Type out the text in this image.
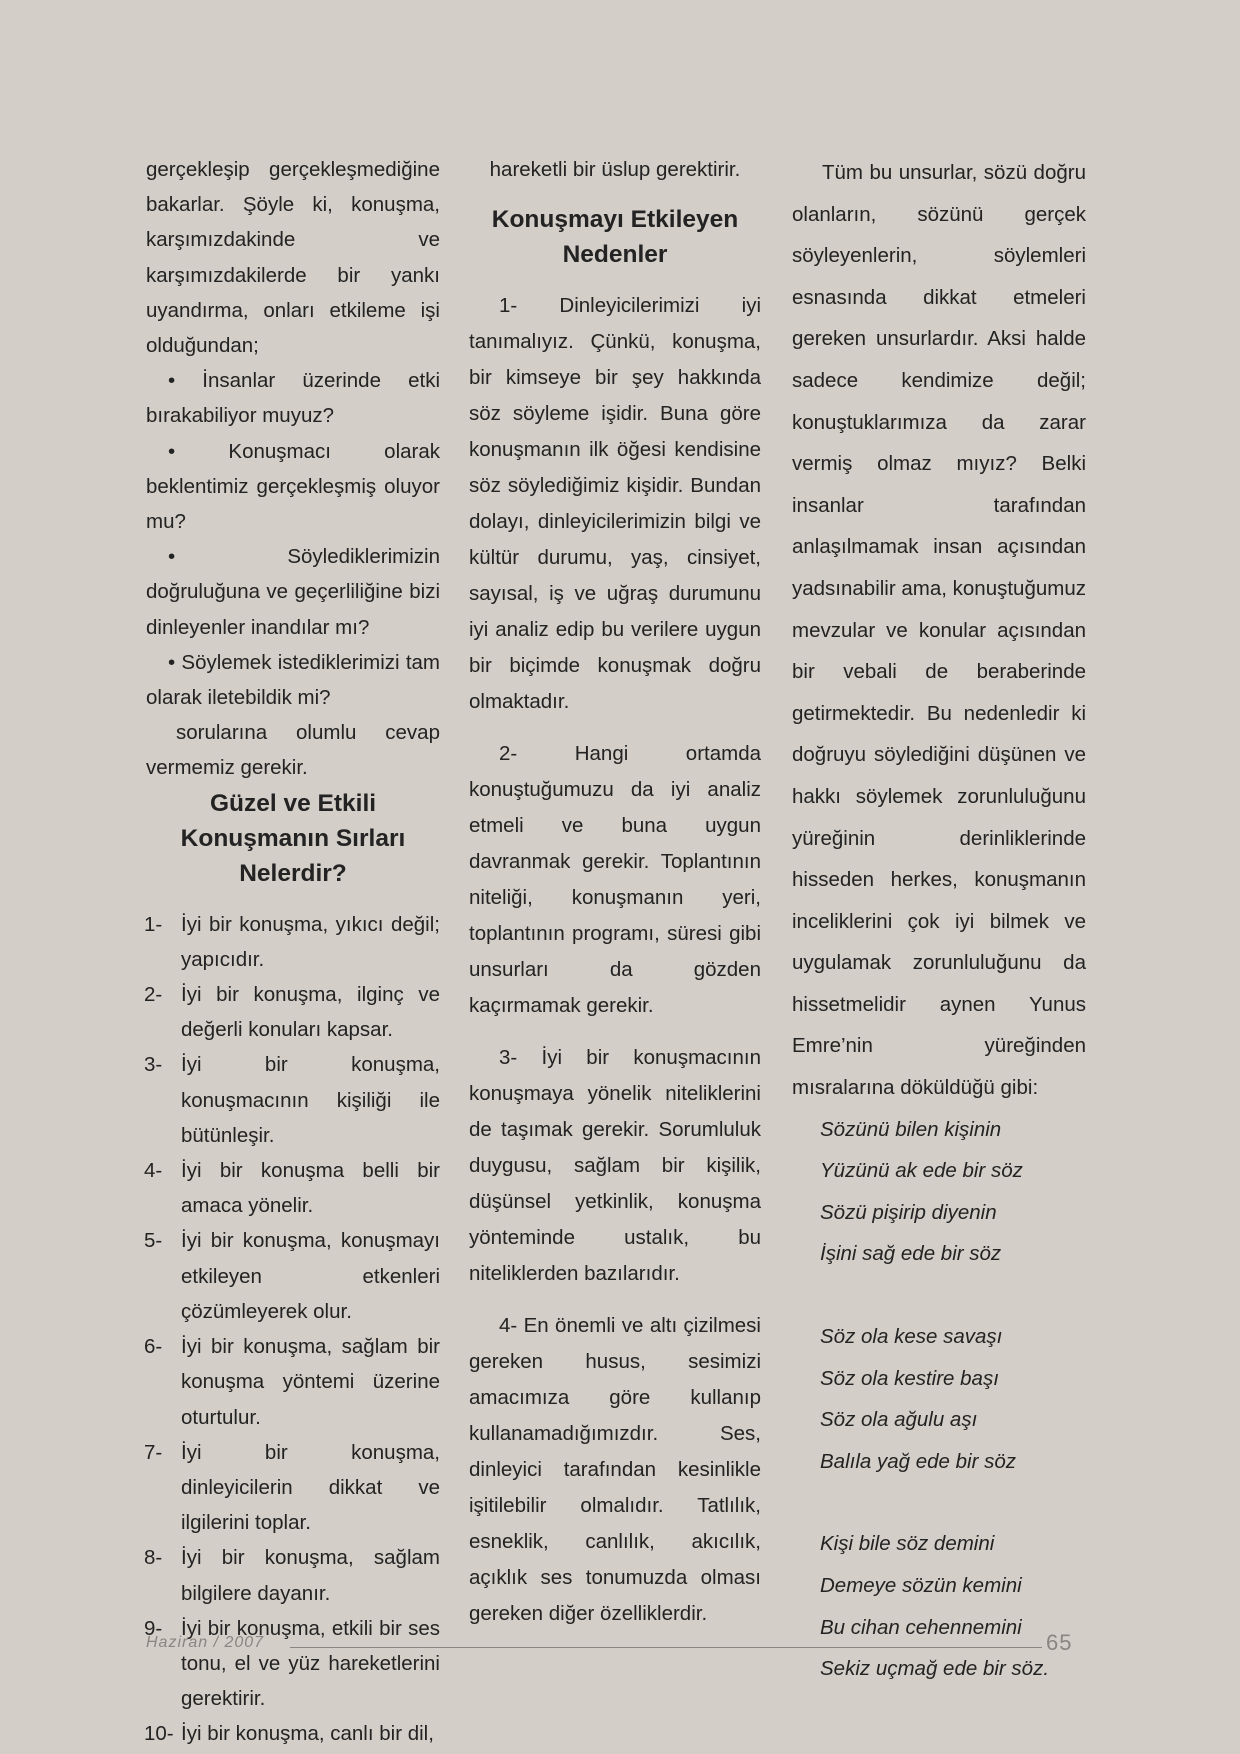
gerçekleşip gerçekleşmediğine bakarlar. Şöyle ki, konuşma, karşımızdakinde ve karşımızdakilerde bir yankı uyandırma, onları etkileme işi olduğundan;

• İnsanlar üzerinde etki bırakabiliyor muyuz?

• Konuşmacı olarak beklentimiz gerçekleşmiş oluyor mu?

• Söylediklerimizin doğruluğuna ve geçerliliğine bizi dinleyenler inandılar mı?

• Söylemek istediklerimizi tam olarak iletebildik mi?

sorularına olumlu cevap vermemiz gerekir.

Güzel ve Etkili Konuşmanın Sırları Nelerdir?
1- İyi bir konuşma, yıkıcı değil; yapıcıdır.
2- İyi bir konuşma, ilginç ve değerli konuları kapsar.
3- İyi bir konuşma, konuşmacının kişiliği ile bütünleşir.
4- İyi bir konuşma belli bir amaca yönelir.
5- İyi bir konuşma, konuşmayı etkileyen etkenleri çözümleyerek olur.
6- İyi bir konuşma, sağlam bir konuşma yöntemi üzerine oturtulur.
7- İyi bir konuşma, dinleyicilerin dikkat ve ilgilerini toplar.
8- İyi bir konuşma, sağlam bilgilere dayanır.
9- İyi bir konuşma, etkili bir ses tonu, el ve yüz hareketlerini gerektirir.
10- İyi bir konuşma, canlı bir dil,

hareketli bir üslup gerektirir.

Konuşmayı Etkileyen Nedenler

1- Dinleyicilerimizi iyi tanımalıyız. Çünkü, konuşma, bir kimseye bir şey hakkında söz söyleme işidir. Buna göre konuşmanın ilk öğesi kendisine söz söylediğimiz kişidir. Bundan dolayı, dinleyicilerimizin bilgi ve kültür durumu, yaş, cinsiyet, sayısal, iş ve uğraş durumunu iyi analiz edip bu verilere uygun bir biçimde konuşmak doğru olmaktadır.

2- Hangi ortamda konuştuğumuzu da iyi analiz etmeli ve buna uygun davranmak gerekir. Toplantının niteliği, konuşmanın yeri, toplantının programı, süresi gibi unsurları da gözden kaçırmamak gerekir.

3- İyi bir konuşmacının konuşmaya yönelik niteliklerini de taşımak gerekir. Sorumluluk duygusu, sağlam bir kişilik, düşünsel yetkinlik, konuşma yönteminde ustalık, bu niteliklerden bazılarıdır.

4- En önemli ve altı çizilmesi gereken husus, sesimizi amacımıza göre kullanıp kullanamadığımızdır. Ses, dinleyici tarafından kesinlikle işitilebilir olmalıdır. Tatlılık, esneklik, canlılık, akıcılık, açıklık ses tonumuzda olması gereken diğer özelliklerdir.

Tüm bu unsurlar, sözü doğru olanların, sözünü gerçek söyleyenlerin, söylemleri esnasında dikkat etmeleri gereken unsurlardır. Aksi halde sadece kendimize değil; konuştuklarımıza da zarar vermiş olmaz mıyız? Belki insanlar tarafından anlaşılmamak insan açısından yadsınabilir ama, konuştuğumuz mevzular ve konular açısından bir vebali de beraberinde getirmektedir. Bu nedenledir ki doğruyu söylediğini düşünen ve hakkı söylemek zorunluluğunu yüreğinin derinliklerinde hisseden herkes, konuşmanın inceliklerini çok iyi bilmek ve uygulamak zorunluluğunu da hissetmelidir aynen Yunus Emre’nin yüreğinden mısralarına döküldüğü gibi:

Sözünü bilen kişinin
Yüzünü ak ede bir söz
Sözü pişirip diyenin
İşini sağ ede bir söz
Söz ola kese savaşı
Söz ola kestire başı
Söz ola ağulu aşı
Balıla yağ ede bir söz
Kişi bile söz demini
Demeye sözün kemini
Bu cihan cehennemini
Sekiz uçmağ ede bir söz.
Haziran / 2007	65
